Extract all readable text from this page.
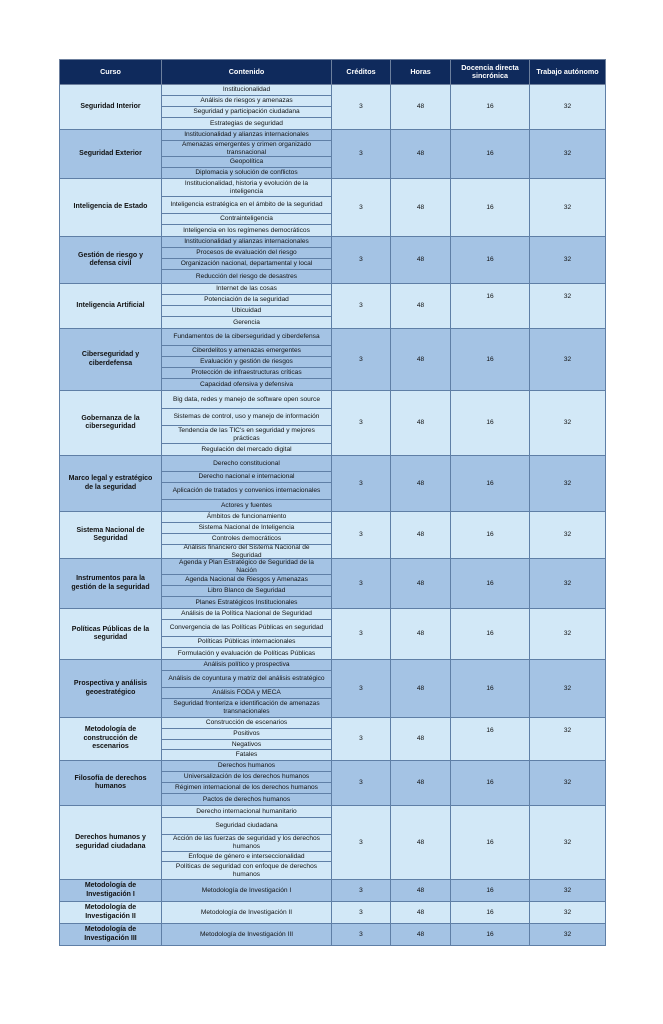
Curso	Contenido	Créditos	Horas	Docencia directa sincrónica	Trabajo autónomo
Seguridad Interior	Institucionalidad
Análisis de riesgos y amenazas
Seguridad y participación ciudadana
Estrategias de seguridad	3	48	16	32
Seguridad Exterior	Institucionalidad y alianzas internacionales
Amenazas emergentes y crimen organizado transnacional
Geopolítica
Diplomacia y solución de conflictos	3	48	16	32
Inteligencia de Estado	Institucionalidad, historia y evolución de la inteligencia
Inteligencia estratégica en el ámbito de la seguridad
Contrainteligencia
Inteligencia en los regímenes democráticos	3	48	16	32
Gestión de riesgo y defensa civil	Institucionalidad y alianzas internacionales
Procesos de evaluación del riesgo
Organización nacional, departamental y local
Reducción del riesgo de desastres	3	48	16	32
Inteligencia Artificial	Internet de las cosas
Potenciación de la seguridad
Ubicuidad
Gerencia	3	48	16	32
Ciberseguridad y ciberdefensa	Fundamentos de la ciberseguridad y ciberdefensa
Ciberdelitos y amenazas emergentes
Evaluación y gestión de riesgos
Protección de infraestructuras críticas
Capacidad ofensiva y defensiva	3	48	16	32
Gobernanza de la ciberseguridad	Big data, redes y manejo de software open source
Sistemas de control, uso y manejo de información
Tendencia de las TIC's en seguridad y mejores prácticas
Regulación del mercado digital	3	48	16	32
Marco legal y estratégico de la seguridad	Derecho constitucional
Derecho nacional e internacional
Aplicación de tratados y convenios internacionales
Actores y fuentes	3	48	16	32
Sistema Nacional de Seguridad	Ámbitos de funcionamiento
Sistema Nacional de Inteligencia
Controles democráticos
Análisis financiero del Sistema Nacional de Seguridad	3	48	16	32
Instrumentos para la gestión de la seguridad	Agenda y Plan Estratégico de Seguridad de la Nación
Agenda Nacional de Riesgos y Amenazas
Libro Blanco de Seguridad
Planes Estratégicos Institucionales	3	48	16	32
Políticas Públicas de la seguridad	Análisis de la Política Nacional de Seguridad
Convergencia de las Políticas Públicas en seguridad
Políticas Públicas internacionales
Formulación y evaluación de Políticas Públicas	3	48	16	32
Prospectiva y análisis geoestratégico	Análisis político y prospectiva
Análisis de coyuntura y matriz del análisis estratégico
Análisis FODA y MECA
Seguridad fronteriza e identificación de amenazas transnacionales	3	48	16	32
Metodología de construcción de escenarios	Construcción de escenarios
Positivos
Negativos
Fatales	3	48	16	32
Filosofía de derechos humanos	Derechos humanos
Universalización de los derechos humanos
Régimen internacional de los derechos humanos
Pactos de derechos humanos	3	48	16	32
Derechos humanos y seguridad ciudadana	Derecho internacional humanitario
Seguridad ciudadana
Acción de las fuerzas de seguridad y los derechos humanos
Enfoque de género e interseccionalidad
Políticas de seguridad con enfoque de derechos humanos	3	48	16	32
Metodología de Investigación I	Metodología de Investigación I	3	48	16	32
Metodología de Investigación II	Metodología de Investigación II	3	48	16	32
Metodología de Investigación III	Metodología de Investigación III	3	48	16	32
